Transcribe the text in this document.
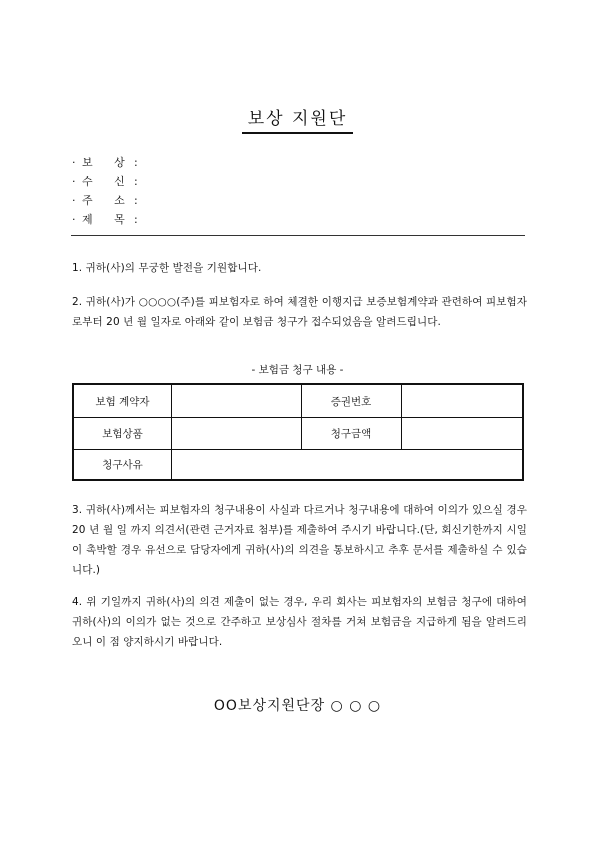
보상 지원단
· 보 상:
· 수 신:
· 주 소:
· 제 목:
1. 귀하(사)의 무궁한 발전을 기원합니다.
2. 귀하(사)가 ○○○○(주)를 피보험자로 하여 체결한 이행지급 보증보험계약과 관련하여 피보험자로부터 20 년 월 일자로 아래와 같이 보험금 청구가 접수되었음을 알려드립니다.
- 보험금 청구 내용 -
보험 계약자	증권번호
보험상품	청구금액
청구사유
3. 귀하(사)께서는 피보험자의 청구내용이 사실과 다르거나 청구내용에 대하여 이의가 있으실 경우 20 년 월 일 까지 의견서(관련 근거자료 첨부)를 제출하여 주시기 바랍니다.(단, 회신기한까지 시일이 촉박할 경우 유선으로 담당자에게 귀하(사)의 의견을 통보하시고 추후 문서를 제출하실 수 있습니다.)
4. 위 기일까지 귀하(사)의 의견 제출이 없는 경우, 우리 회사는 피보험자의 보험금 청구에 대하여 귀하(사)의 이의가 없는 것으로 간주하고 보상심사 절차를 거쳐 보험금을 지급하게 됨을 알려드리오니 이 점 양지하시기 바랍니다.
OO보상지원단장 ○ ○ ○
